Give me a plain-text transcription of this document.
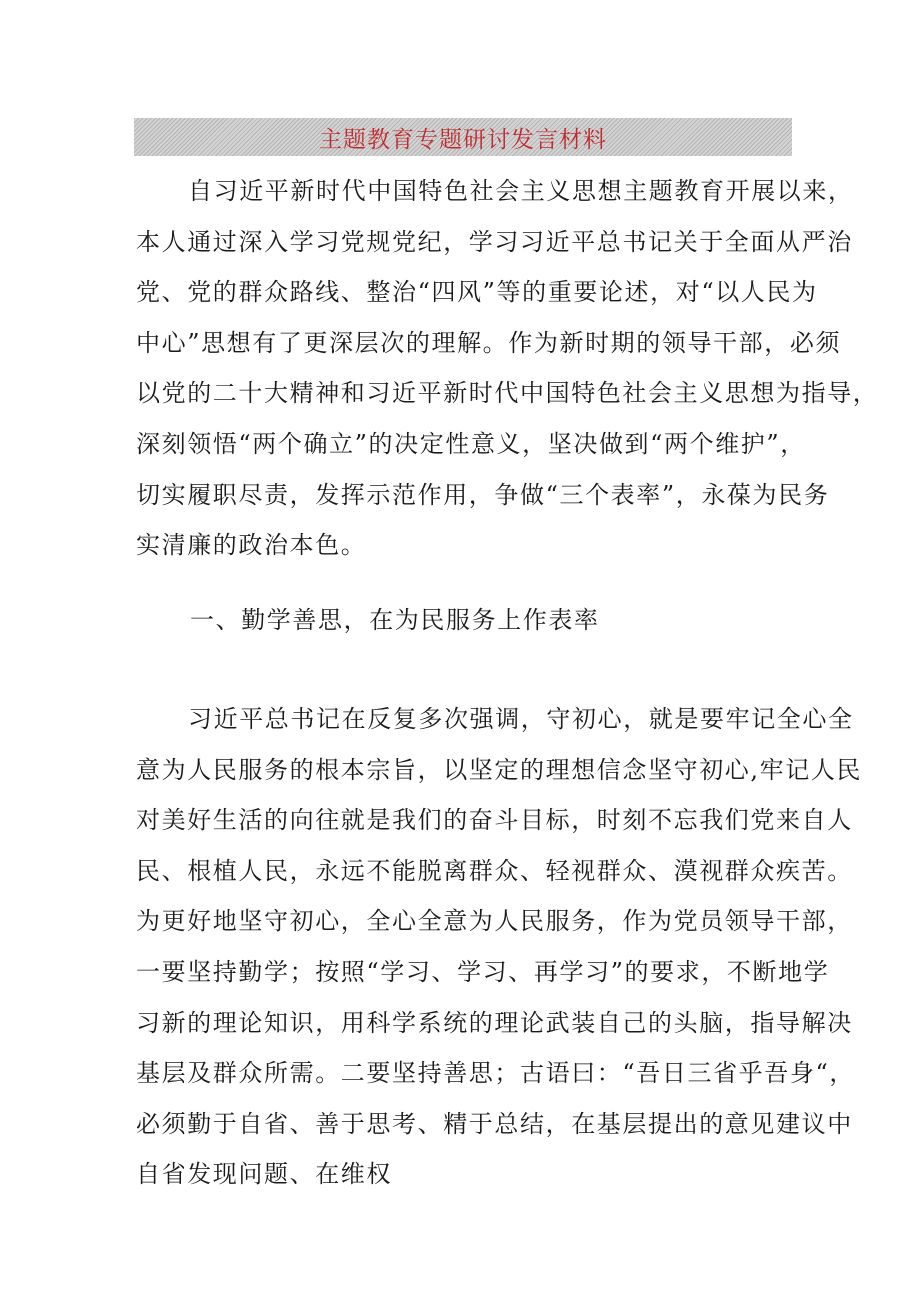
主题教育专题研讨发言材料
自习近平新时代中国特色社会主义思想主题教育开展以来，
本人通过深入学习党规党纪，学习习近平总书记关于全面从严治
党、党的群众路线、整治“四风”等的重要论述，对“以人民为
中心”思想有了更深层次的理解。作为新时期的领导干部，必须
以党的二十大精神和习近平新时代中国特色社会主义思想为指导，
深刻领悟“两个确立”的决定性意义，坚决做到“两个维护”，
切实履职尽责，发挥示范作用，争做“三个表率”，永葆为民务
实清廉的政治本色。
一、勤学善思，在为民服务上作表率
习近平总书记在反复多次强调，守初心，就是要牢记全心全
意为人民服务的根本宗旨，以坚定的理想信念坚守初心,牢记人民
对美好生活的向往就是我们的奋斗目标，时刻不忘我们党来自人
民、根植人民，永远不能脱离群众、轻视群众、漠视群众疾苦。
为更好地坚守初心，全心全意为人民服务，作为党员领导干部，
一要坚持勤学；按照“学习、学习、再学习”的要求，不断地学
习新的理论知识，用科学系统的理论武装自己的头脑，指导解决
基层及群众所需。二要坚持善思；古语曰：“吾日三省乎吾身“，
必须勤于自省、善于思考、精于总结，在基层提出的意见建议中
自省发现问题、在维权
